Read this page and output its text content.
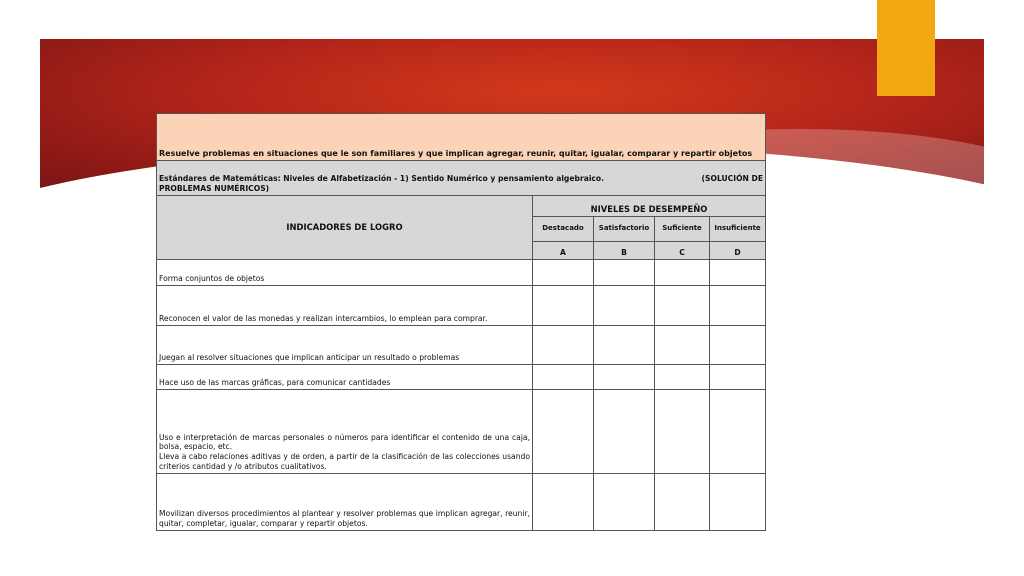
Resuelve problemas en situaciones que le son familiares y que implican agregar, reunir, quitar, igualar, comparar y repartir objetos				

(SOLUCIÓN DE
Estándares de Matemáticas: Niveles de Alfabetización - 1) Sentido Numérico y pensamiento algebraico.
PROBLEMAS NUMÉRICOS)				
INDICADORES DE LOGRO	NIVELES DE DESEMPEÑO			
	Destacado	Satisfactorio	Suficiente	Insuficiente
	A	B	C	D
Forma conjuntos de objetos				
Reconocen el valor de las monedas y realizan intercambios, lo emplean para comprar.				
Juegan al resolver situaciones que implican anticipar un resultado o problemas				
Hace uso de las marcas gráficas, para comunicar cantidades				
Uso e interpretación de marcas personales o números para identificar el contenido de una caja, bolsa, espacio, etc.
Lleva a cabo relaciones aditivas y de orden, a partir de la clasificación de las colecciones usando criterios cantidad y /o atributos cualitativos.				
Movilizan diversos procedimientos al plantear y resolver problemas que implican agregar, reunir, quitar, completar, igualar, comparar y repartir objetos.				
